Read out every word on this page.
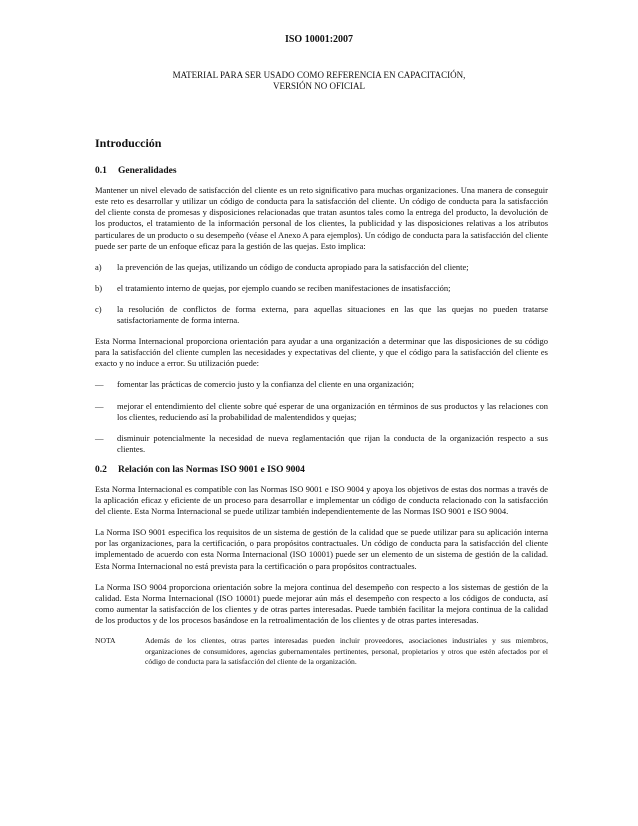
ISO 10001:2007
MATERIAL PARA SER USADO COMO REFERENCIA EN CAPACITACIÓN,
VERSIÓN NO OFICIAL
Introducción
0.1	Generalidades

Mantener un nivel elevado de satisfacción del cliente es un reto significativo para muchas organizaciones. Una manera de conseguir este reto es desarrollar y utilizar un código de conducta para la satisfacción del cliente. Un código de conducta para la satisfacción del cliente consta de promesas y disposiciones relacionadas que tratan asuntos tales como la entrega del producto, la devolución de los productos, el tratamiento de la información personal de los clientes, la publicidad y las disposiciones relativas a los atributos particulares de un producto o su desempeño (véase el Anexo A para ejemplos). Un código de conducta para la satisfacción del cliente puede ser parte de un enfoque eficaz para la gestión de las quejas. Esto implica:

a)	la prevención de las quejas, utilizando un código de conducta apropiado para la satisfacción del cliente;
b)	el tratamiento interno de quejas, por ejemplo cuando se reciben manifestaciones de insatisfacción;
c)	la resolución de conflictos de forma externa, para aquellas situaciones en las que las quejas no pueden tratarse satisfactoriamente de forma interna.

Esta Norma Internacional proporciona orientación para ayudar a una organización a determinar que las disposiciones de su código para la satisfacción del cliente cumplen las necesidades y expectativas del cliente, y que el código para la satisfacción del cliente es exacto y no induce a error. Su utilización puede:

—	fomentar las prácticas de comercio justo y la confianza del cliente en una organización;
—	mejorar el entendimiento del cliente sobre qué esperar de una organización en términos de sus productos y las relaciones con los clientes, reduciendo así la probabilidad de malentendidos y quejas;
—	disminuir potencialmente la necesidad de nueva reglamentación que rijan la conducta de la organización respecto a sus clientes.
0.2	Relación con las Normas ISO 9001 e ISO 9004

Esta Norma Internacional es compatible con las Normas ISO 9001 e ISO 9004 y apoya los objetivos de estas dos normas a través de la aplicación eficaz y eficiente de un proceso para desarrollar e implementar un código de conducta relacionado con la satisfacción del cliente. Esta Norma Internacional se puede utilizar también independientemente de las Normas ISO 9001 e ISO 9004.

La Norma ISO 9001 especifica los requisitos de un sistema de gestión de la calidad que se puede utilizar para su aplicación interna por las organizaciones, para la certificación, o para propósitos contractuales. Un código de conducta para la satisfacción del cliente implementado de acuerdo con esta Norma Internacional (ISO 10001) puede ser un elemento de un sistema de gestión de la calidad. Esta Norma Internacional no está prevista para la certificación o para propósitos contractuales.

La Norma ISO 9004 proporciona orientación sobre la mejora continua del desempeño con respecto a los sistemas de gestión de la calidad. Esta Norma Internacional (ISO 10001) puede mejorar aún más el desempeño con respecto a los códigos de conducta, así como aumentar la satisfacción de los clientes y de otras partes interesadas. Puede también facilitar la mejora continua de la calidad de los productos y de los procesos basándose en la retroalimentación de los clientes y de otras partes interesadas.

NOTA	Además de los clientes, otras partes interesadas pueden incluir proveedores, asociaciones industriales y sus miembros, organizaciones de consumidores, agencias gubernamentales pertinentes, personal, propietarios y otros que estén afectados por el código de conducta para la satisfacción del cliente de la organización.
